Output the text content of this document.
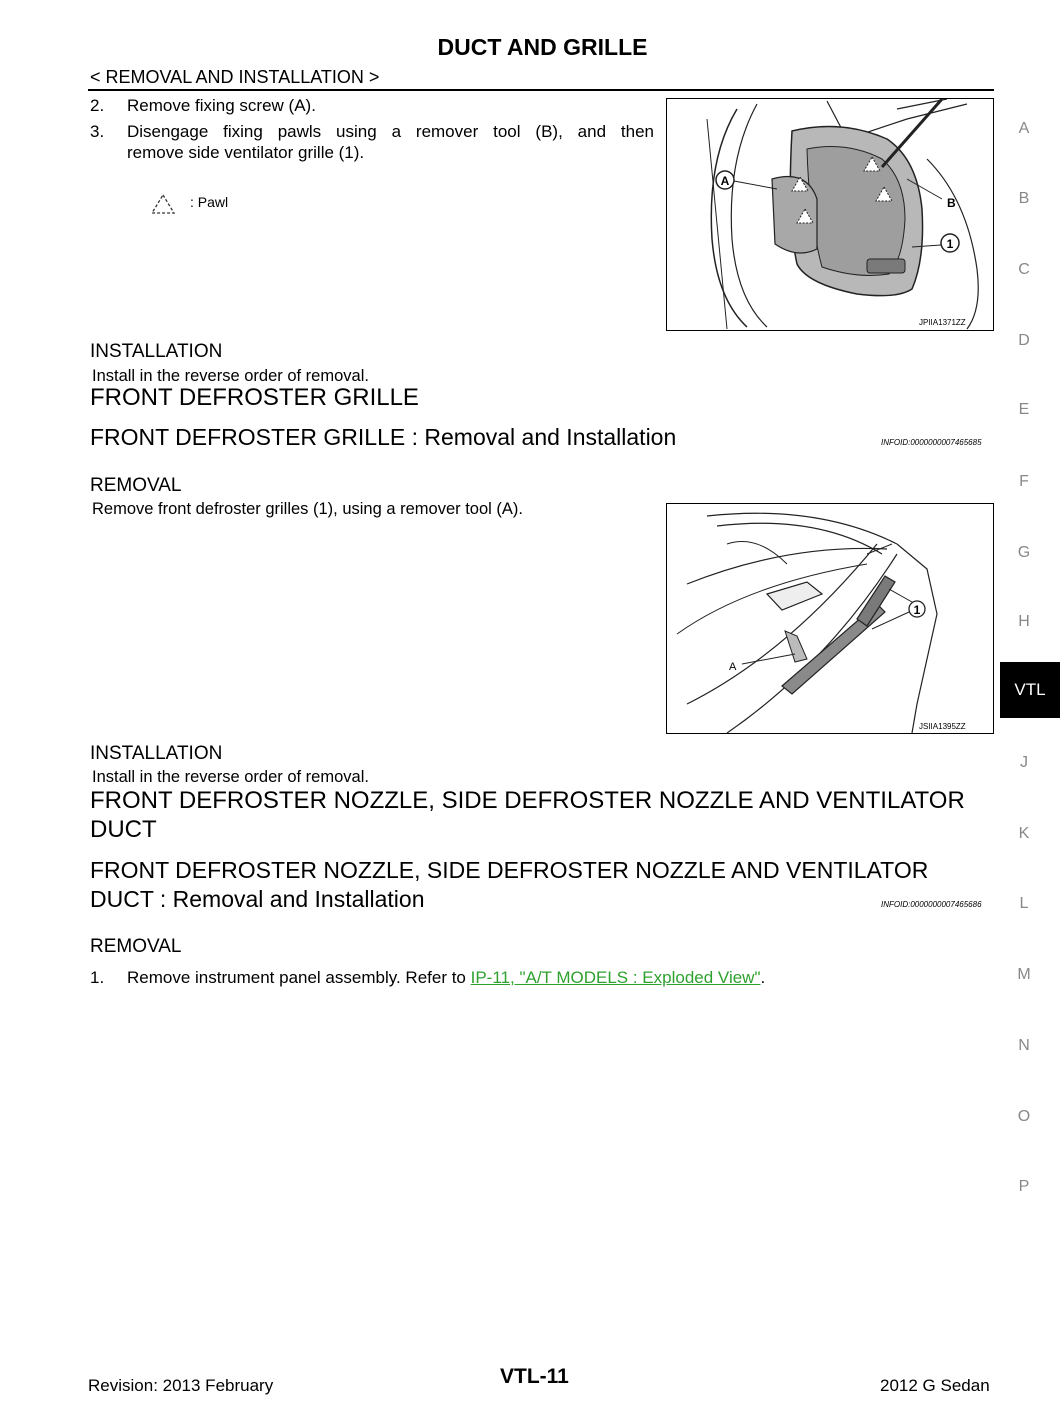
DUCT AND GRILLE
< REMOVAL AND INSTALLATION >
2. Remove fixing screw (A).
3. Disengage fixing pawls using a remover tool (B), and then
remove side ventilator grille (1).
: Pawl
A
B
1
JPIIA1371ZZ
INSTALLATION
Install in the reverse order of removal.
FRONT DEFROSTER GRILLE
FRONT DEFROSTER GRILLE : Removal and Installation	INFOID:0000000007465685
REMOVAL
Remove front defroster grilles (1), using a remover tool (A).
A
1
JSIIA1395ZZ
INSTALLATION
Install in the reverse order of removal.
FRONT DEFROSTER NOZZLE, SIDE DEFROSTER NOZZLE AND VENTILATOR
DUCT
FRONT DEFROSTER NOZZLE, SIDE DEFROSTER NOZZLE AND VENTILATOR
DUCT : Removal and Installation	INFOID:0000000007465686
REMOVAL
1. Remove instrument panel assembly. Refer to IP-11, "A/T MODELS : Exploded View".
A
B
C
D
E
F
G
H
VTL
J
K
L
M
N
O
P
Revision: 2013 February	VTL-11	2012 G Sedan
